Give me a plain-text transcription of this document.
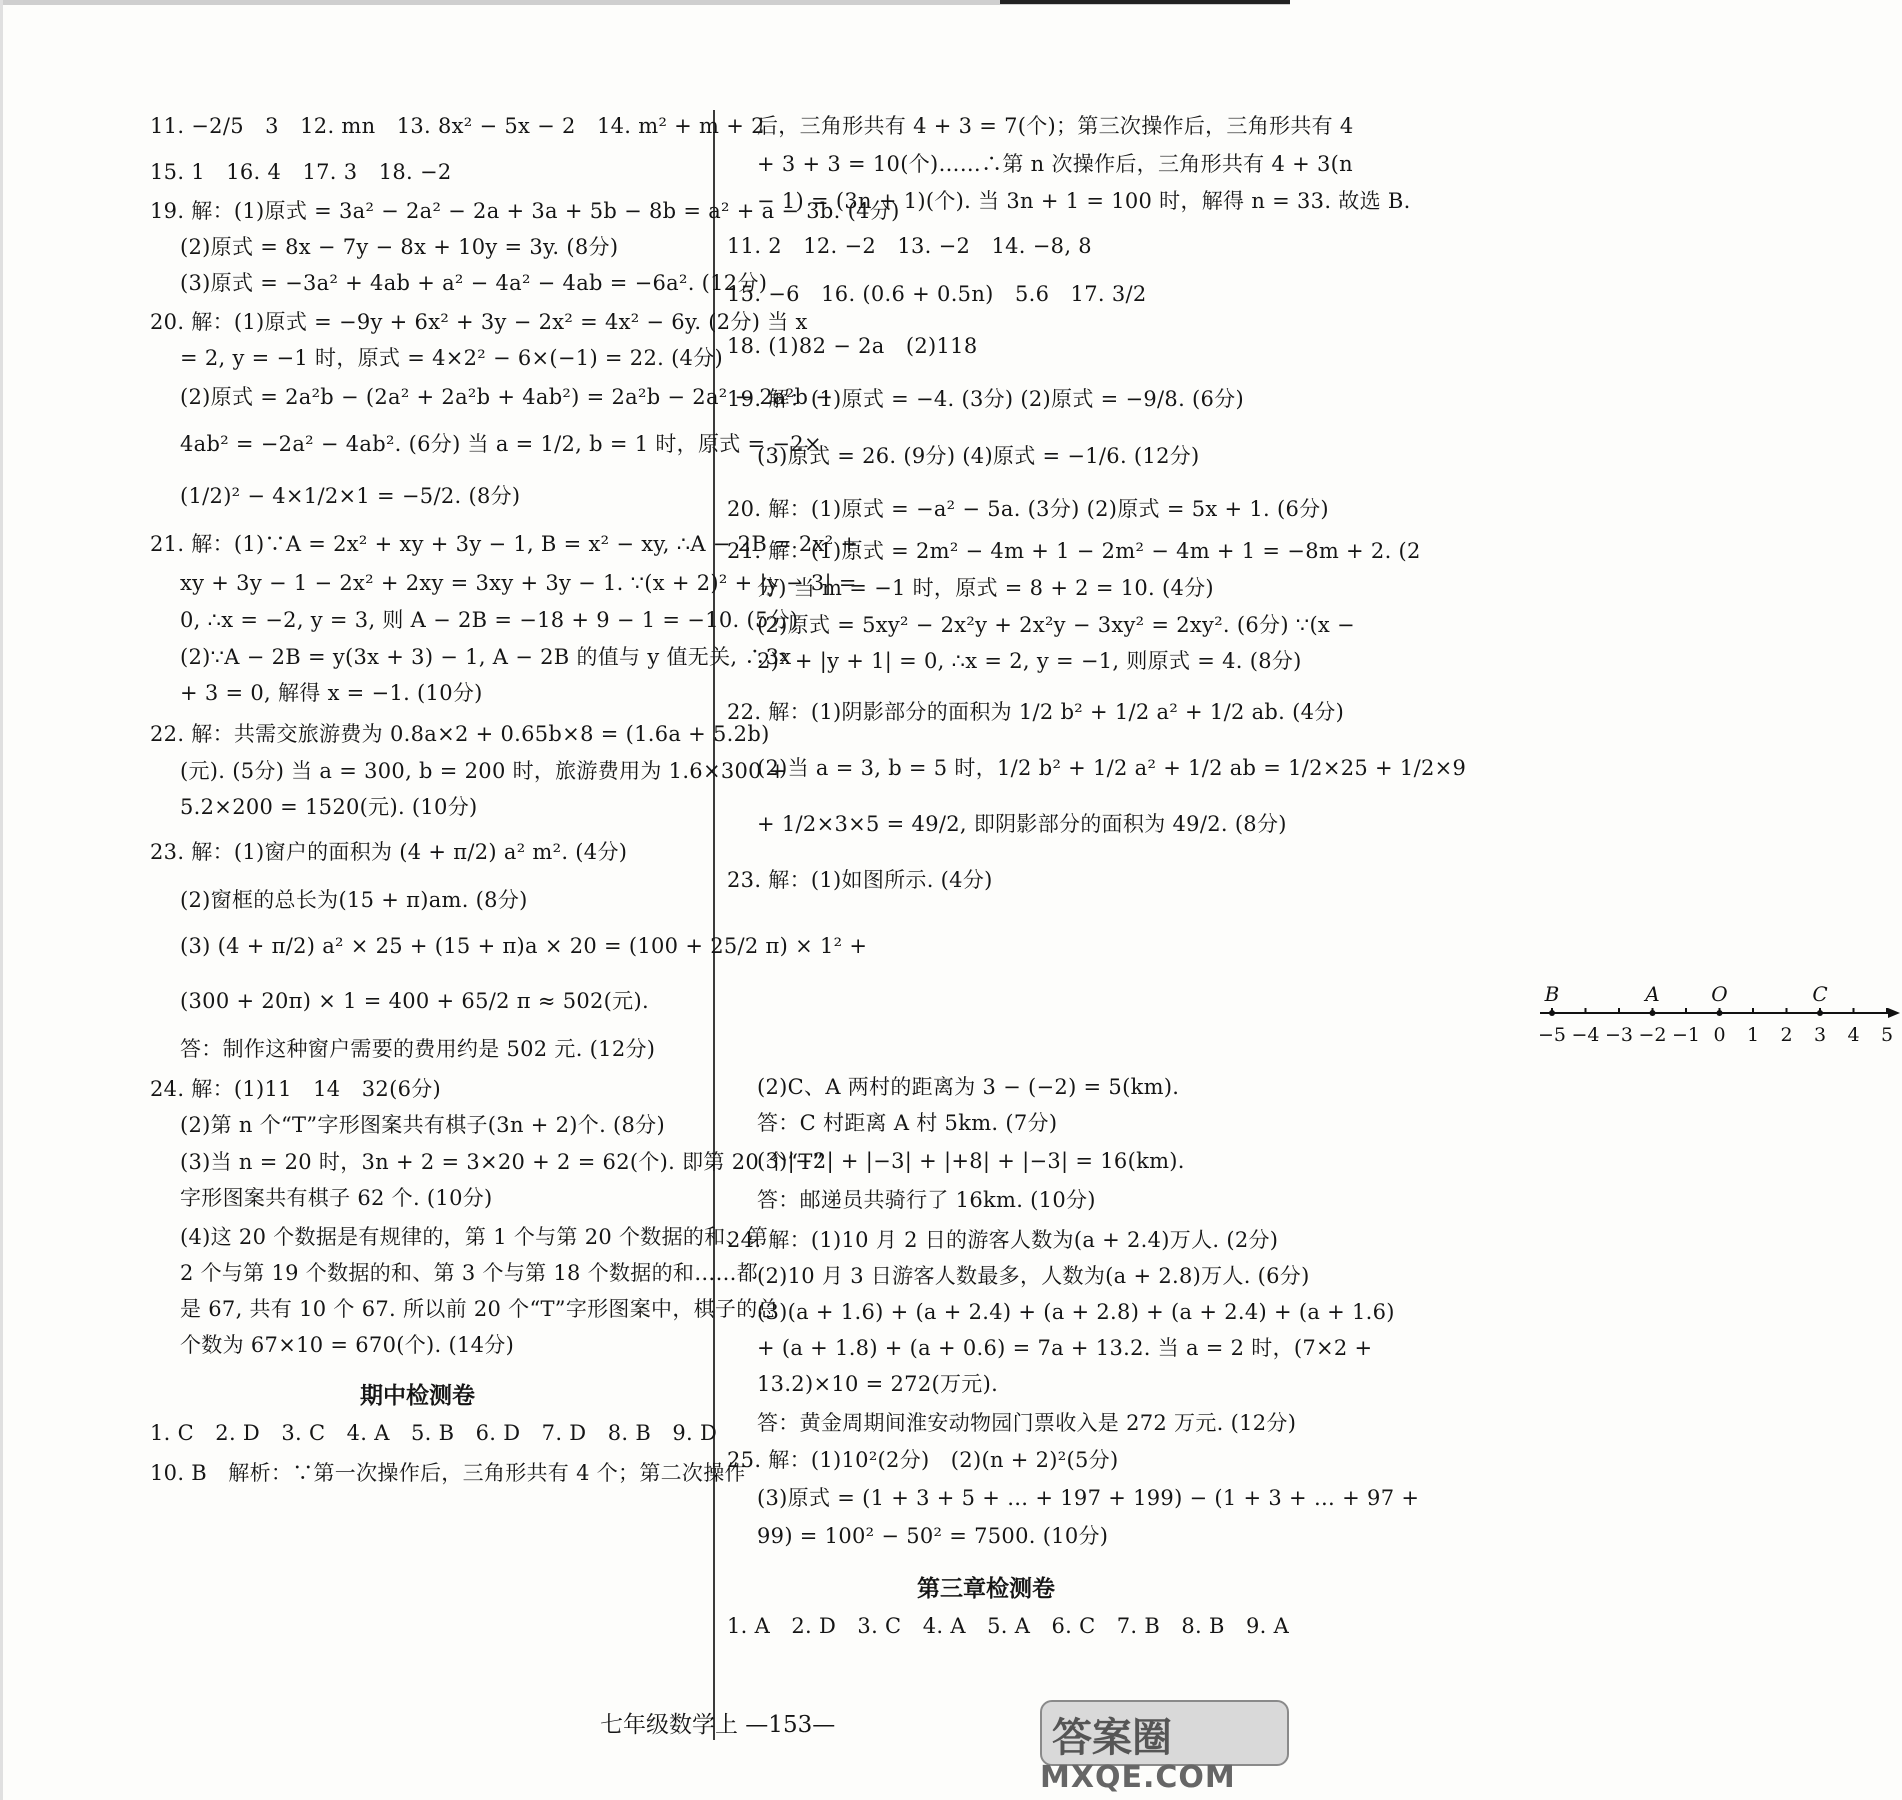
11. −2/5　3　12. mn　13. 8x² − 5x − 2　14. m² + m + 2
15. 1　16. 4　17. 3　18. −2
19. 解：(1)原式 = 3a² − 2a² − 2a + 3a + 5b − 8b = a² + a − 3b. (4分)
(2)原式 = 8x − 7y − 8x + 10y = 3y. (8分)
(3)原式 = −3a² + 4ab + a² − 4a² − 4ab = −6a². (12分)
20. 解：(1)原式 = −9y + 6x² + 3y − 2x² = 4x² − 6y. (2分) 当 x
= 2, y = −1 时，原式 = 4×2² − 6×(−1) = 22. (4分)
(2)原式 = 2a²b − (2a² + 2a²b + 4ab²) = 2a²b − 2a² − 2a²b −
4ab² = −2a² − 4ab². (6分) 当 a = 1/2, b = 1 时，原式 = −2×
(1/2)² − 4×1/2×1 = −5/2. (8分)
21. 解：(1)∵A = 2x² + xy + 3y − 1, B = x² − xy, ∴A − 2B = 2x² +
xy + 3y − 1 − 2x² + 2xy = 3xy + 3y − 1. ∵(x + 2)² + |y − 3| =
0, ∴x = −2, y = 3, 则 A − 2B = −18 + 9 − 1 = −10. (5分)
(2)∵A − 2B = y(3x + 3) − 1, A − 2B 的值与 y 值无关, ∴3x
+ 3 = 0, 解得 x = −1. (10分)
22. 解：共需交旅游费为 0.8a×2 + 0.65b×8 = (1.6a + 5.2b)
(元). (5分) 当 a = 300, b = 200 时，旅游费用为 1.6×300 +
5.2×200 = 1520(元). (10分)
23. 解：(1)窗户的面积为 (4 + π/2) a² m². (4分)
(2)窗框的总长为(15 + π)am. (8分)
(3) (4 + π/2) a² × 25 + (15 + π)a × 20 = (100 + 25/2 π) × 1² +
(300 + 20π) × 1 = 400 + 65/2 π ≈ 502(元).
答：制作这种窗户需要的费用约是 502 元. (12分)
24. 解：(1)11　14　32(6分)
(2)第 n 个“T”字形图案共有棋子(3n + 2)个. (8分)
(3)当 n = 20 时，3n + 2 = 3×20 + 2 = 62(个). 即第 20 个“T”
字形图案共有棋子 62 个. (10分)
(4)这 20 个数据是有规律的，第 1 个与第 20 个数据的和、第
2 个与第 19 个数据的和、第 3 个与第 18 个数据的和……都
是 67, 共有 10 个 67. 所以前 20 个“T”字形图案中，棋子的总
个数为 67×10 = 670(个). (14分)
期中检测卷
1. C　2. D　3. C　4. A　5. B　6. D　7. D　8. B　9. D
10. B　解析：∵第一次操作后，三角形共有 4 个；第二次操作
后，三角形共有 4 + 3 = 7(个)；第三次操作后，三角形共有 4
+ 3 + 3 = 10(个)……∴第 n 次操作后，三角形共有 4 + 3(n
− 1) = (3n + 1)(个). 当 3n + 1 = 100 时，解得 n = 33. 故选 B.
11. 2　12. −2　13. −2　14. −8, 8
15. −6　16. (0.6 + 0.5n)　5.6　17. 3/2
18. (1)82 − 2a　(2)118
19. 解：(1)原式 = −4. (3分) (2)原式 = −9/8. (6分)
(3)原式 = 26. (9分) (4)原式 = −1/6. (12分)
20. 解：(1)原式 = −a² − 5a. (3分) (2)原式 = 5x + 1. (6分)
21. 解：(1)原式 = 2m² − 4m + 1 − 2m² − 4m + 1 = −8m + 2. (2
分) 当 m = −1 时，原式 = 8 + 2 = 10. (4分)
(2)原式 = 5xy² − 2x²y + 2x²y − 3xy² = 2xy². (6分) ∵(x −
2)² + |y + 1| = 0, ∴x = 2, y = −1, 则原式 = 4. (8分)
22. 解：(1)阴影部分的面积为 1/2 b² + 1/2 a² + 1/2 ab. (4分)
(2)当 a = 3, b = 5 时，1/2 b² + 1/2 a² + 1/2 ab = 1/2×25 + 1/2×9
+ 1/2×3×5 = 49/2, 即阴影部分的面积为 49/2. (8分)
23. 解：(1)如图所示. (4分)
−5 −4 −3 −2 −1 0 1 2 3 4 5
B	A	O	C
(2)C、A 两村的距离为 3 − (−2) = 5(km).
答：C 村距离 A 村 5km. (7分)
(3)|−2| + |−3| + |+8| + |−3| = 16(km).
答：邮递员共骑行了 16km. (10分)
24. 解：(1)10 月 2 日的游客人数为(a + 2.4)万人. (2分)
(2)10 月 3 日游客人数最多，人数为(a + 2.8)万人. (6分)
(3)(a + 1.6) + (a + 2.4) + (a + 2.8) + (a + 2.4) + (a + 1.6)
+ (a + 1.8) + (a + 0.6) = 7a + 13.2. 当 a = 2 时，(7×2 +
13.2)×10 = 272(万元).
答：黄金周期间淮安动物园门票收入是 272 万元. (12分)
25. 解：(1)10²(2分)　(2)(n + 2)²(5分)
(3)原式 = (1 + 3 + 5 + … + 197 + 199) − (1 + 3 + … + 97 +
99) = 100² − 50² = 7500. (10分)
第三章检测卷
1. A　2. D　3. C　4. A　5. A　6. C　7. B　8. B　9. A
七年级数学上 —153—	答案圈
MXQE.COM
